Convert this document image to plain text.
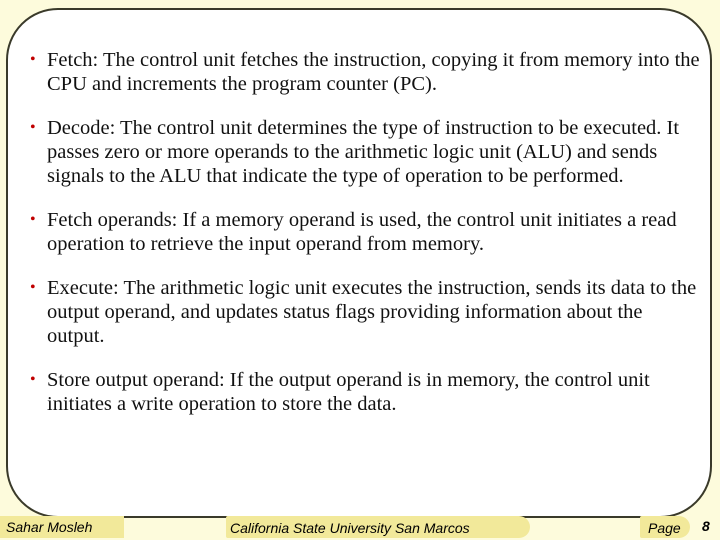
• Fetch: The control unit fetches the instruction, copying it from memory into the CPU and increments the program counter (PC).
• Decode: The control unit determines the type of instruction to be executed. It passes zero or more operands to the arithmetic logic unit (ALU) and sends signals to the ALU that indicate the type of operation to be performed.
• Fetch operands: If a memory operand is used, the control unit initiates a read operation to retrieve the input operand from memory.
• Execute: The arithmetic logic unit executes the instruction, sends its data to the output operand, and updates status flags providing information about the output.
• Store output operand: If the output operand is in memory, the control unit initiates a write operation to store the data.
Sahar Mosleh	California State University San Marcos	Page	8
